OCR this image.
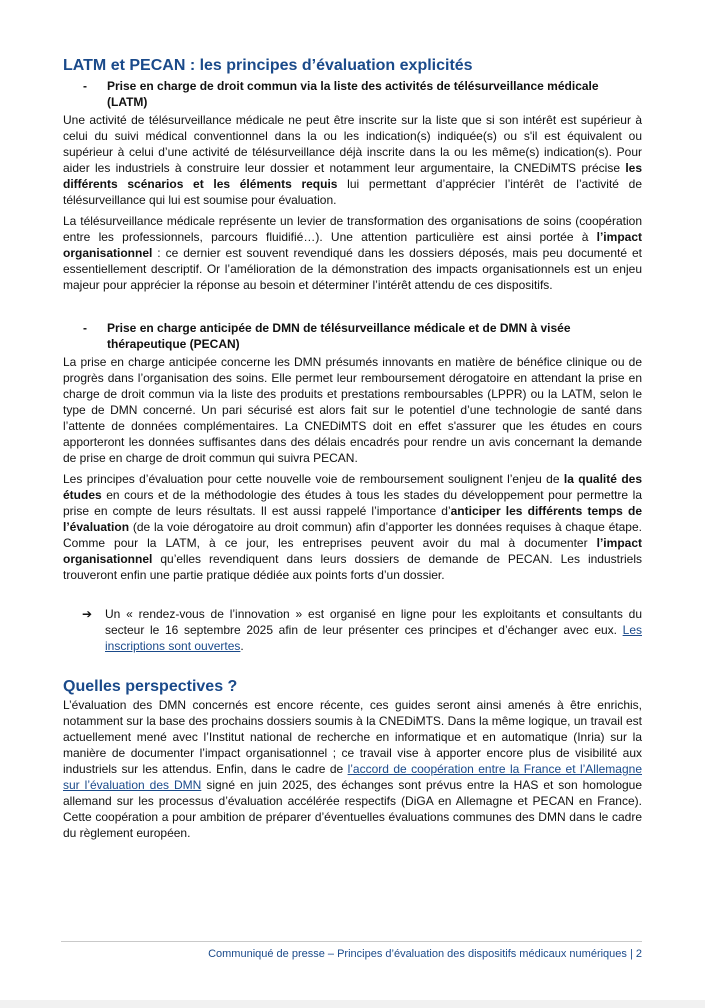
LATM et PECAN : les principes d’évaluation explicités
-	Prise en charge de droit commun via la liste des activités de télésurveillance médicale (LATM)

Une activité de télésurveillance médicale ne peut être inscrite sur la liste que si son intérêt est supérieur à celui du suivi médical conventionnel dans la ou les indication(s) indiquée(s) ou s'il est équivalent ou supérieur à celui d’une activité de télésurveillance déjà inscrite dans la ou les même(s) indication(s). Pour aider les industriels à construire leur dossier et notamment leur argumentaire, la CNEDiMTS précise les différents scénarios et les éléments requis lui permettant d’apprécier l’intérêt de l’activité de télésurveillance qui lui est soumise pour évaluation.

La télésurveillance médicale représente un levier de transformation des organisations de soins (coopération entre les professionnels, parcours fluidifié…). Une attention particulière est ainsi portée à l’impact organisationnel : ce dernier est souvent revendiqué dans les dossiers déposés, mais peu documenté et essentiellement descriptif. Or l’amélioration de la démonstration des impacts organisationnels est un enjeu majeur pour apprécier la réponse au besoin et déterminer l’intérêt attendu de ces dispositifs.

-	Prise en charge anticipée de DMN de télésurveillance médicale et de DMN à visée thérapeutique (PECAN)

La prise en charge anticipée concerne les DMN présumés innovants en matière de bénéfice clinique ou de progrès dans l’organisation des soins. Elle permet leur remboursement dérogatoire en attendant la prise en charge de droit commun via la liste des produits et prestations remboursables (LPPR) ou la LATM, selon le type de DMN concerné. Un pari sécurisé est alors fait sur le potentiel d’une technologie de santé dans l’attente de données complémentaires. La CNEDiMTS doit en effet s'assurer que les études en cours apporteront les données suffisantes dans des délais encadrés pour rendre un avis concernant la demande de prise en charge de droit commun qui suivra PECAN.

Les principes d’évaluation pour cette nouvelle voie de remboursement soulignent l’enjeu de la qualité des études en cours et de la méthodologie des études à tous les stades du développement pour permettre la prise en compte de leurs résultats. Il est aussi rappelé l’importance d’anticiper les différents temps de l’évaluation (de la voie dérogatoire au droit commun) afin d’apporter les données requises à chaque étape. Comme pour la LATM, à ce jour, les entreprises peuvent avoir du mal à documenter l’impact organisationnel qu’elles revendiquent dans leurs dossiers de demande de PECAN. Les industriels trouveront enfin une partie pratique dédiée aux points forts d’un dossier.

➔	Un « rendez-vous de l’innovation » est organisé en ligne pour les exploitants et consultants du secteur le 16 septembre 2025 afin de leur présenter ces principes et d’échanger avec eux. Les inscriptions sont ouvertes.
Quelles perspectives ?

L’évaluation des DMN concernés est encore récente, ces guides seront ainsi amenés à être enrichis, notamment sur la base des prochains dossiers soumis à la CNEDiMTS. Dans la même logique, un travail est actuellement mené avec l’Institut national de recherche en informatique et en automatique (Inria) sur la manière de documenter l’impact organisationnel ; ce travail vise à apporter encore plus de visibilité aux industriels sur les attendus. Enfin, dans le cadre de l’accord de coopération entre la France et l’Allemagne sur l’évaluation des DMN signé en juin 2025, des échanges sont prévus entre la HAS et son homologue allemand sur les processus d’évaluation accélérée respectifs (DiGA en Allemagne et PECAN en France). Cette coopération a pour ambition de préparer d’éventuelles évaluations communes des DMN dans le cadre du règlement européen.

Communiqué de presse – Principes d’évaluation des dispositifs médicaux numériques | 2
